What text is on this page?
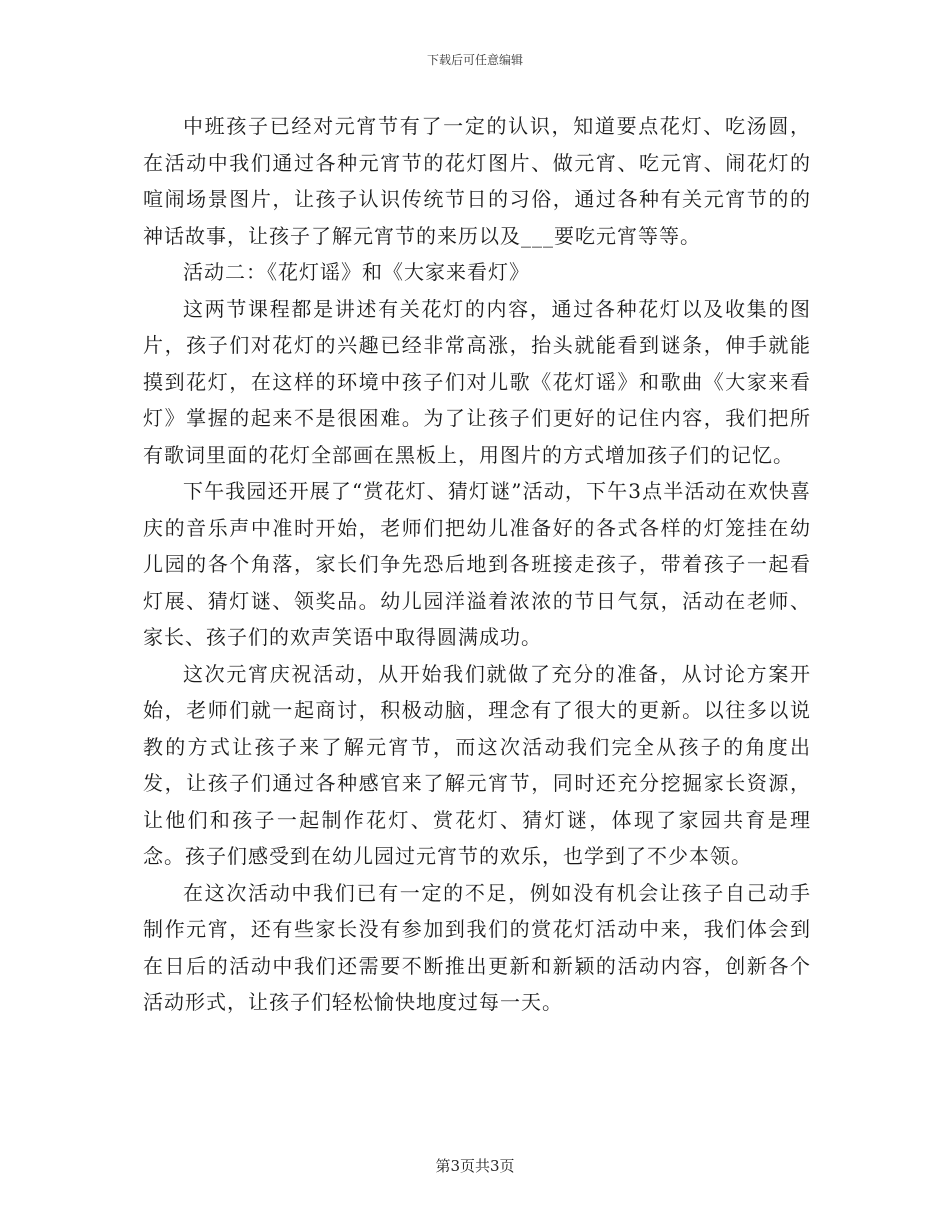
下载后可任意编辑

中班孩子已经对元宵节有了一定的认识，知道要点花灯、吃汤圆，在活动中我们通过各种元宵节的花灯图片、做元宵、吃元宵、闹花灯的喧闹场景图片，让孩子认识传统节日的习俗，通过各种有关元宵节的的神话故事，让孩子了解元宵节的来历以及___要吃元宵等等。

活动二：《花灯谣》和《大家来看灯》

这两节课程都是讲述有关花灯的内容，通过各种花灯以及收集的图片，孩子们对花灯的兴趣已经非常高涨，抬头就能看到谜条，伸手就能摸到花灯，在这样的环境中孩子们对儿歌《花灯谣》和歌曲《大家来看灯》掌握的起来不是很困难。为了让孩子们更好的记住内容，我们把所有歌词里面的花灯全部画在黑板上，用图片的方式增加孩子们的记忆。

下午我园还开展了“赏花灯、猜灯谜”活动，下午3点半活动在欢快喜庆的音乐声中准时开始，老师们把幼儿准备好的各式各样的灯笼挂在幼儿园的各个角落，家长们争先恐后地到各班接走孩子，带着孩子一起看灯展、猜灯谜、领奖品。幼儿园洋溢着浓浓的节日气氛，活动在老师、家长、孩子们的欢声笑语中取得圆满成功。

这次元宵庆祝活动，从开始我们就做了充分的准备，从讨论方案开始，老师们就一起商讨，积极动脑，理念有了很大的更新。以往多以说教的方式让孩子来了解元宵节，而这次活动我们完全从孩子的角度出发，让孩子们通过各种感官来了解元宵节，同时还充分挖掘家长资源，让他们和孩子一起制作花灯、赏花灯、猜灯谜，体现了家园共育是理念。孩子们感受到在幼儿园过元宵节的欢乐，也学到了不少本领。

在这次活动中我们已有一定的不足，例如没有机会让孩子自己动手制作元宵，还有些家长没有参加到我们的赏花灯活动中来，我们体会到在日后的活动中我们还需要不断推出更新和新颖的活动内容，创新各个活动形式，让孩子们轻松愉快地度过每一天。

第3页共3页
